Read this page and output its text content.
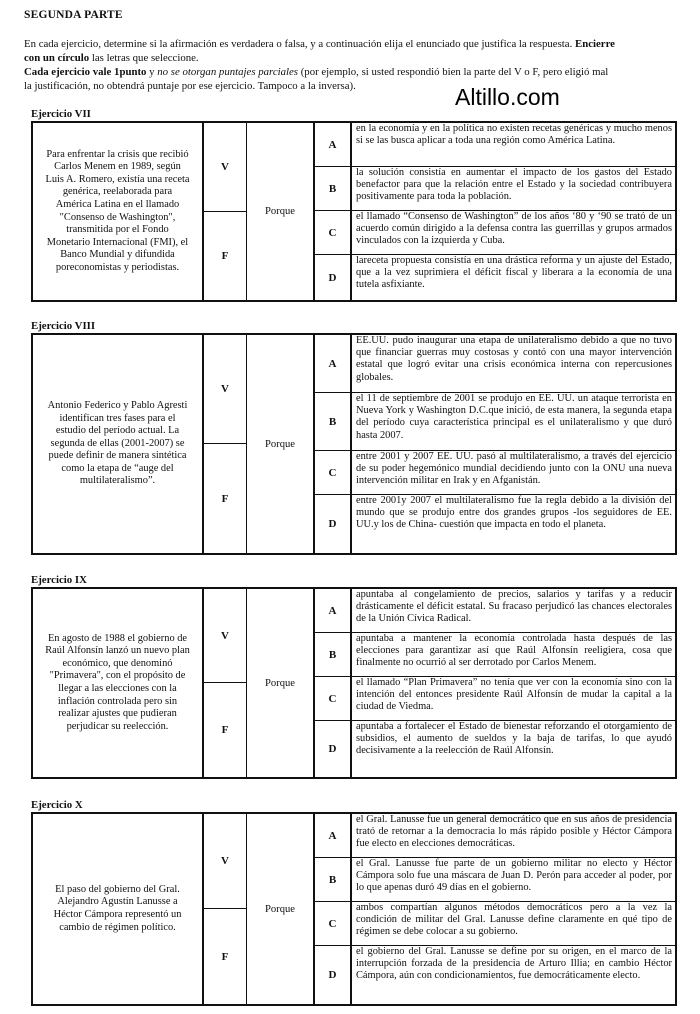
SEGUNDA PARTE
En cada ejercicio, determine si la afirmación es verdadera o falsa, y a continuación elija el enunciado que justifica la respuesta. Encierre
con un círculo las letras que seleccione.
Cada ejercicio vale 1punto y no se otorgan puntajes parciales (por ejemplo, si usted respondió bien la parte del V o F, pero eligió mal
la justificación, no obtendrá puntaje por ese ejercicio. Tampoco a la inversa).	Altillo.com
Ejercicio VII
Para enfrentar la crisis que recibió Carlos Menem en 1989, según Luis A. Romero, existía una receta genérica, reelaborada para América Latina en el llamado "Consenso de Washington", transmitida por el Fondo Monetario Internacional (FMI), el Banco Mundial y difundida poreconomistas y periodistas.
V
F
Porque
A
en la economía y en la política no existen recetas genéricas y mucho menos si se las busca aplicar a toda una región como América Latina.
B
la solución consistía en aumentar el impacto de los gastos del Estado benefactor para que la relación entre el Estado y la sociedad contribuyera positivamente para toda la población.
C
el llamado “Consenso de Washington” de los años ‘80 y ‘90 se trató de un acuerdo común dirigido a la defensa contra las guerrillas y grupos armados vinculados con la izquierda y Cuba.
D
lareceta propuesta consistía en una drástica reforma y un ajuste del Estado, que a la vez suprimiera el déficit fiscal y liberara a la economía de una tutela asfixiante.
Ejercicio VIII
Antonio Federico y Pablo Agresti identifican tres fases para el estudio del período actual. La segunda de ellas (2001-2007) se puede definir de manera sintética como la etapa de “auge del multilateralismo”.
V
F
Porque
A
EE.UU. pudo inaugurar una etapa de unilateralismo debido a que no tuvo que financiar guerras muy costosas y contó con una mayor intervención estatal que logró evitar una crisis económica interna con repercusiones globales.
B
el 11 de septiembre de 2001 se produjo en EE. UU. un ataque terrorista en Nueva York y Washington D.C.que inició, de esta manera, la segunda etapa del período cuya característica principal es el unilateralismo y que duró hasta 2007.
C
entre 2001 y 2007 EE. UU. pasó al multilateralismo, a través del ejercicio de su poder hegemónico mundial decidiendo junto con la ONU una nueva intervención militar en Irak y en Afganistán.
D
entre 2001y 2007 el multilateralismo fue la regla debido a la división del mundo que se produjo entre dos grandes grupos -los seguidores de EE. UU.y los de China- cuestión que impacta en todo el planeta.
Ejercicio IX
En agosto de 1988 el gobierno de Raúl Alfonsín lanzó un nuevo plan económico, que denominó "Primavera", con el propósito de llegar a las elecciones con la inflación controlada pero sin realizar ajustes que pudieran perjudicar su reelección.
V
F
Porque
A
apuntaba al congelamiento de precios, salarios y tarifas y a reducir drásticamente el déficit estatal. Su fracaso perjudicó las chances electorales de la Unión Cívica Radical.
B
apuntaba a mantener la economía controlada hasta después de las elecciones para garantizar así que Raúl Alfonsín reeligiera, cosa que finalmente no ocurrió al ser derrotado por Carlos Menem.
C
el llamado “Plan Primavera” no tenía que ver con la economía sino con la intención del entonces presidente Raúl Alfonsín de mudar la capital a la ciudad de Viedma.
D
apuntaba a fortalecer el Estado de bienestar reforzando el otorgamiento de subsidios, el aumento de sueldos y la baja de tarifas, lo que ayudó decisivamente a la reelección de Raúl Alfonsín.
Ejercicio X
El paso del gobierno del Gral. Alejandro Agustín Lanusse a Héctor Cámpora representó un cambio de régimen político.
V
F
Porque
A
el Gral. Lanusse fue un general democrático que en sus años de presidencia trató de retornar a la democracia lo más rápido posible y Héctor Cámpora fue electo en elecciones democráticas.
B
el Gral. Lanusse fue parte de un gobierno militar no electo y Héctor Cámpora solo fue una máscara de Juan D. Perón para acceder al poder, por lo que apenas duró 49 días en el gobierno.
C
ambos compartían algunos métodos democráticos pero a la vez la condición de militar del Gral. Lanusse define claramente en qué tipo de régimen se debe colocar a su gobierno.
D
el gobierno del Gral. Lanusse se define por su origen, en el marco de la interrupción forzada de la presidencia de Arturo Illia; en cambio Héctor Cámpora, aún con condicionamientos, fue democráticamente electo.
